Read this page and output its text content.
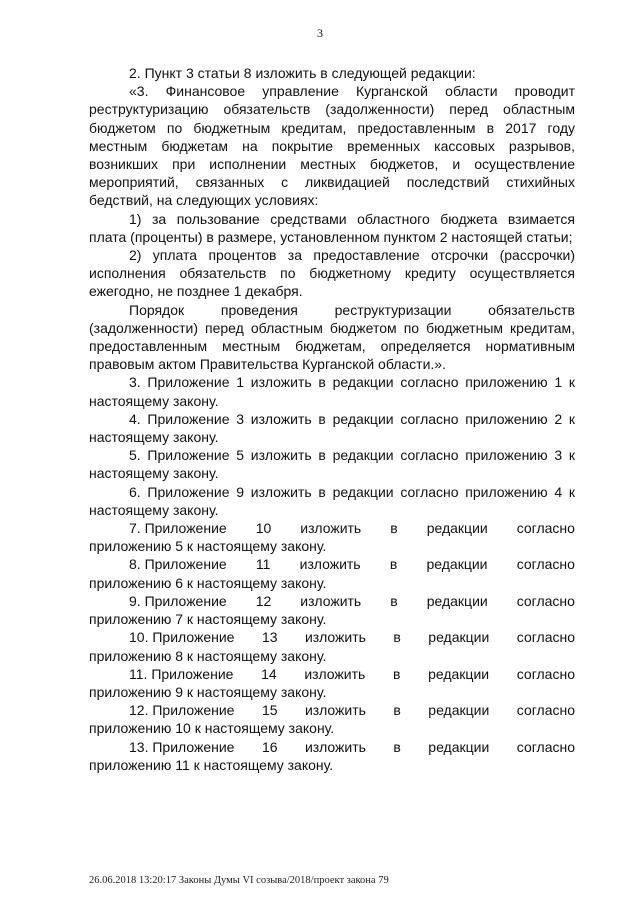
3

2. Пункт 3 статьи 8 изложить в следующей редакции:

«3. Финансовое управление Курганской области проводит реструктуризацию обязательств (задолженности) перед областным бюджетом по бюджетным кредитам, предоставленным в 2017 году местным бюджетам на покрытие временных кассовых разрывов, возникших при исполнении местных бюджетов, и осуществление мероприятий, связанных с ликвидацией последствий стихийных бедствий, на следующих условиях:

1) за пользование средствами областного бюджета взимается плата (проценты) в размере, установленном пунктом 2 настоящей статьи;

2) уплата процентов за предоставление отсрочки (рассрочки) исполнения обязательств по бюджетному кредиту осуществляется ежегодно, не позднее 1 декабря.

Порядок проведения реструктуризации обязательств (задолженности) перед областным бюджетом по бюджетным кредитам, предоставленным местным бюджетам, определяется нормативным правовым актом Правительства Курганской области.».

3. Приложение 1 изложить в редакции согласно приложению 1 к настоящему закону.

4. Приложение 3 изложить в редакции согласно приложению 2 к настоящему закону.

5. Приложение 5 изложить в редакции согласно приложению 3 к настоящему закону.

6. Приложение 9 изложить в редакции согласно приложению 4 к настоящему закону.

7. Приложение 10 изложить в редакции согласно

приложению 5 к настоящему закону.

8. Приложение 11 изложить в редакции согласно

приложению 6 к настоящему закону.

9. Приложение 12 изложить в редакции согласно

приложению 7 к настоящему закону.

10. Приложение 13 изложить в редакции согласно

приложению 8 к настоящему закону.

11. Приложение 14 изложить в редакции согласно

приложению 9 к настоящему закону.

12. Приложение 15 изложить в редакции согласно

приложению 10 к настоящему закону.

13. Приложение 16 изложить в редакции согласно

приложению 11 к настоящему закону.

26.06.2018 13:20:17 Законы Думы VI созыва/2018/проект закона 79
